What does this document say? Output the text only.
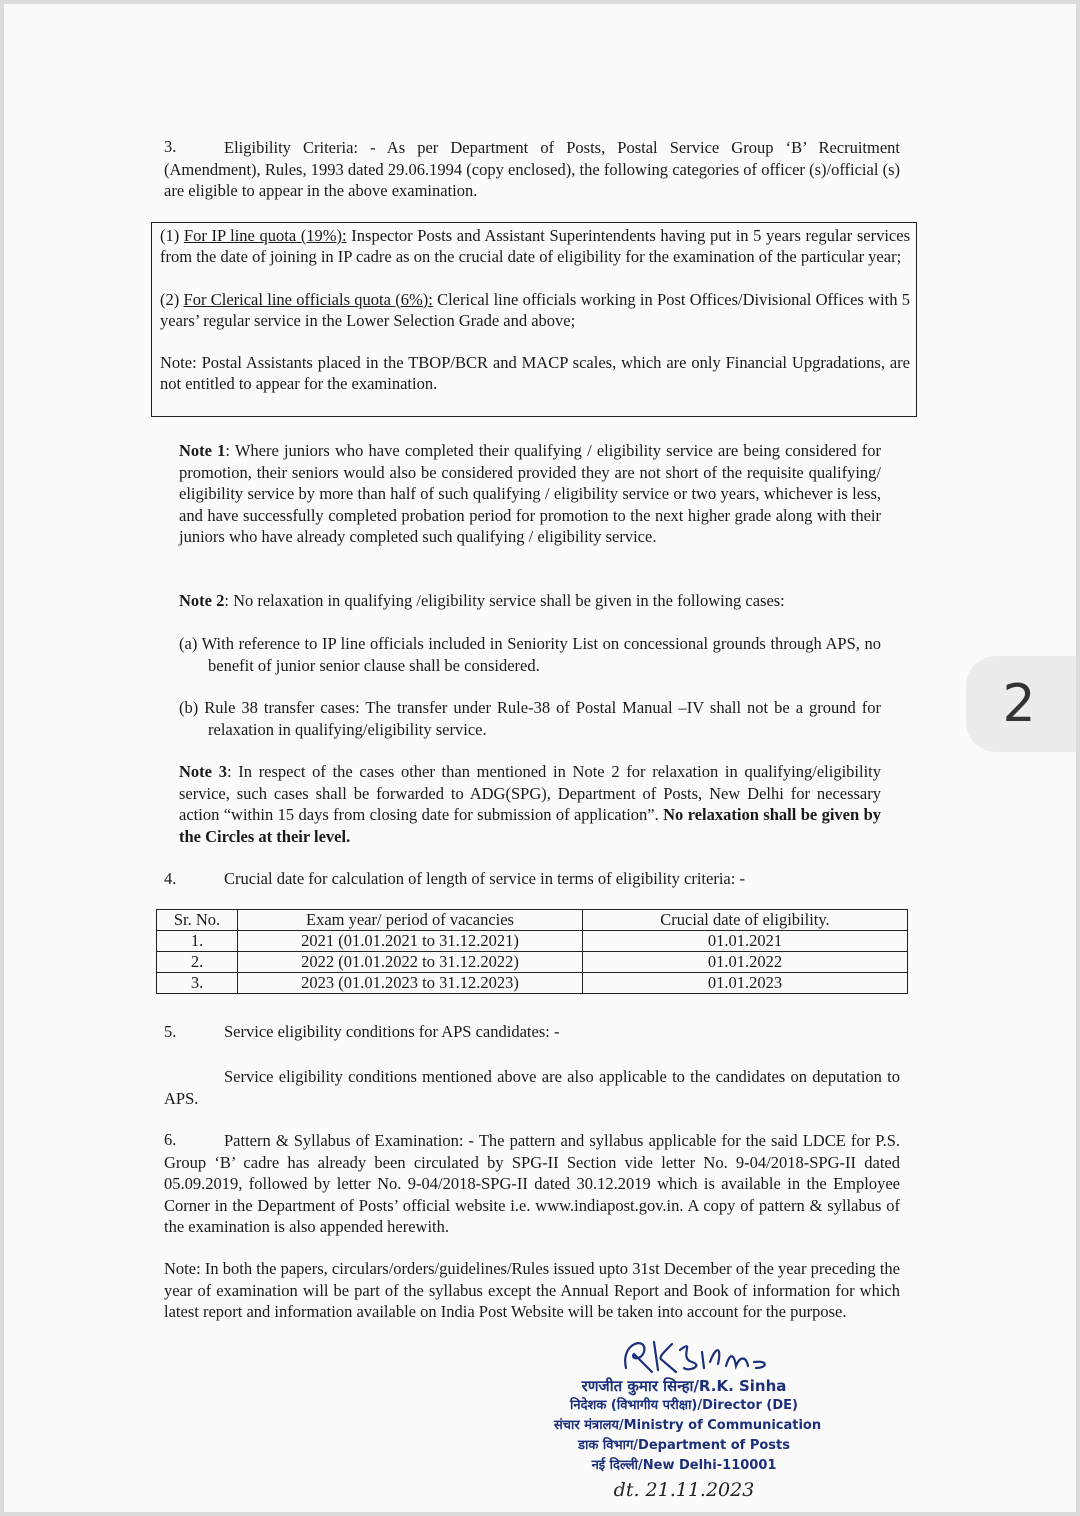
3.	Eligibility Criteria: - As per Department of Posts, Postal Service Group ‘B’ Recruitment (Amendment), Rules, 1993 dated 29.06.1994 (copy enclosed), the following categories of officer (s)/official (s) are eligible to appear in the above examination.

(1) For IP line quota (19%): Inspector Posts and Assistant Superintendents having put in 5 years regular services from the date of joining in IP cadre as on the crucial date of eligibility for the examination of the particular year;

(2) For Clerical line officials quota (6%): Clerical line officials working in Post Offices/Divisional Offices with 5 years’ regular service in the Lower Selection Grade and above;

Note: Postal Assistants placed in the TBOP/BCR and MACP scales, which are only Financial Upgradations, are not entitled to appear for the examination.

Note 1: Where juniors who have completed their qualifying / eligibility service are being considered for promotion, their seniors would also be considered provided they are not short of the requisite qualifying/ eligibility service by more than half of such qualifying / eligibility service or two years, whichever is less, and have successfully completed probation period for promotion to the next higher grade along with their juniors who have already completed such qualifying / eligibility service.
Note 2: No relaxation in qualifying /eligibility service shall be given in the following cases:
(a) With reference to IP line officials included in Seniority List on concessional grounds through APS, no benefit of junior senior clause shall be considered.
(b) Rule 38 transfer cases: The transfer under Rule-38 of Postal Manual –IV shall not be a ground for relaxation in qualifying/eligibility service.
Note 3: In respect of the cases other than mentioned in Note 2 for relaxation in qualifying/eligibility service, such cases shall be forwarded to ADG(SPG), Department of Posts, New Delhi for necessary action “within 15 days from closing date for submission of application”. No relaxation shall be given by the Circles at their level.
4.	Crucial date for calculation of length of service in terms of eligibility criteria: -
Sr. No.	Exam year/ period of vacancies	Crucial date of eligibility.
1.	2021 (01.01.2021 to 31.12.2021)	01.01.2021
2.	2022 (01.01.2022 to 31.12.2022)	01.01.2022
3.	2023 (01.01.2023 to 31.12.2023)	01.01.2023
5.	Service eligibility conditions for APS candidates: -
Service eligibility conditions mentioned above are also applicable to the candidates on deputation to APS.
6.	Pattern & Syllabus of Examination: - The pattern and syllabus applicable for the said LDCE for P.S. Group ‘B’ cadre has already been circulated by SPG-II Section vide letter No. 9-04/2018-SPG-II dated 05.09.2019, followed by letter No. 9-04/2018-SPG-II dated 30.12.2019 which is available in the Employee Corner in the Department of Posts’ official website i.e. www.indiapost.gov.in. A copy of pattern & syllabus of the examination is also appended herewith.
Note: In both the papers, circulars/orders/guidelines/Rules issued upto 31st December of the year preceding the year of examination will be part of the syllabus except the Annual Report and Book of information for which latest report and information available on India Post Website will be taken into account for the purpose.
रणजीत कुमार सिन्हा/R.K. Sinha
निदेशक (विभागीय परीक्षा)/Director (DE)
संचार मंत्रालय/Ministry of Communication
डाक विभाग/Department of Posts
नई दिल्ली/New Delhi-110001
dt. 21.11.2023
2
